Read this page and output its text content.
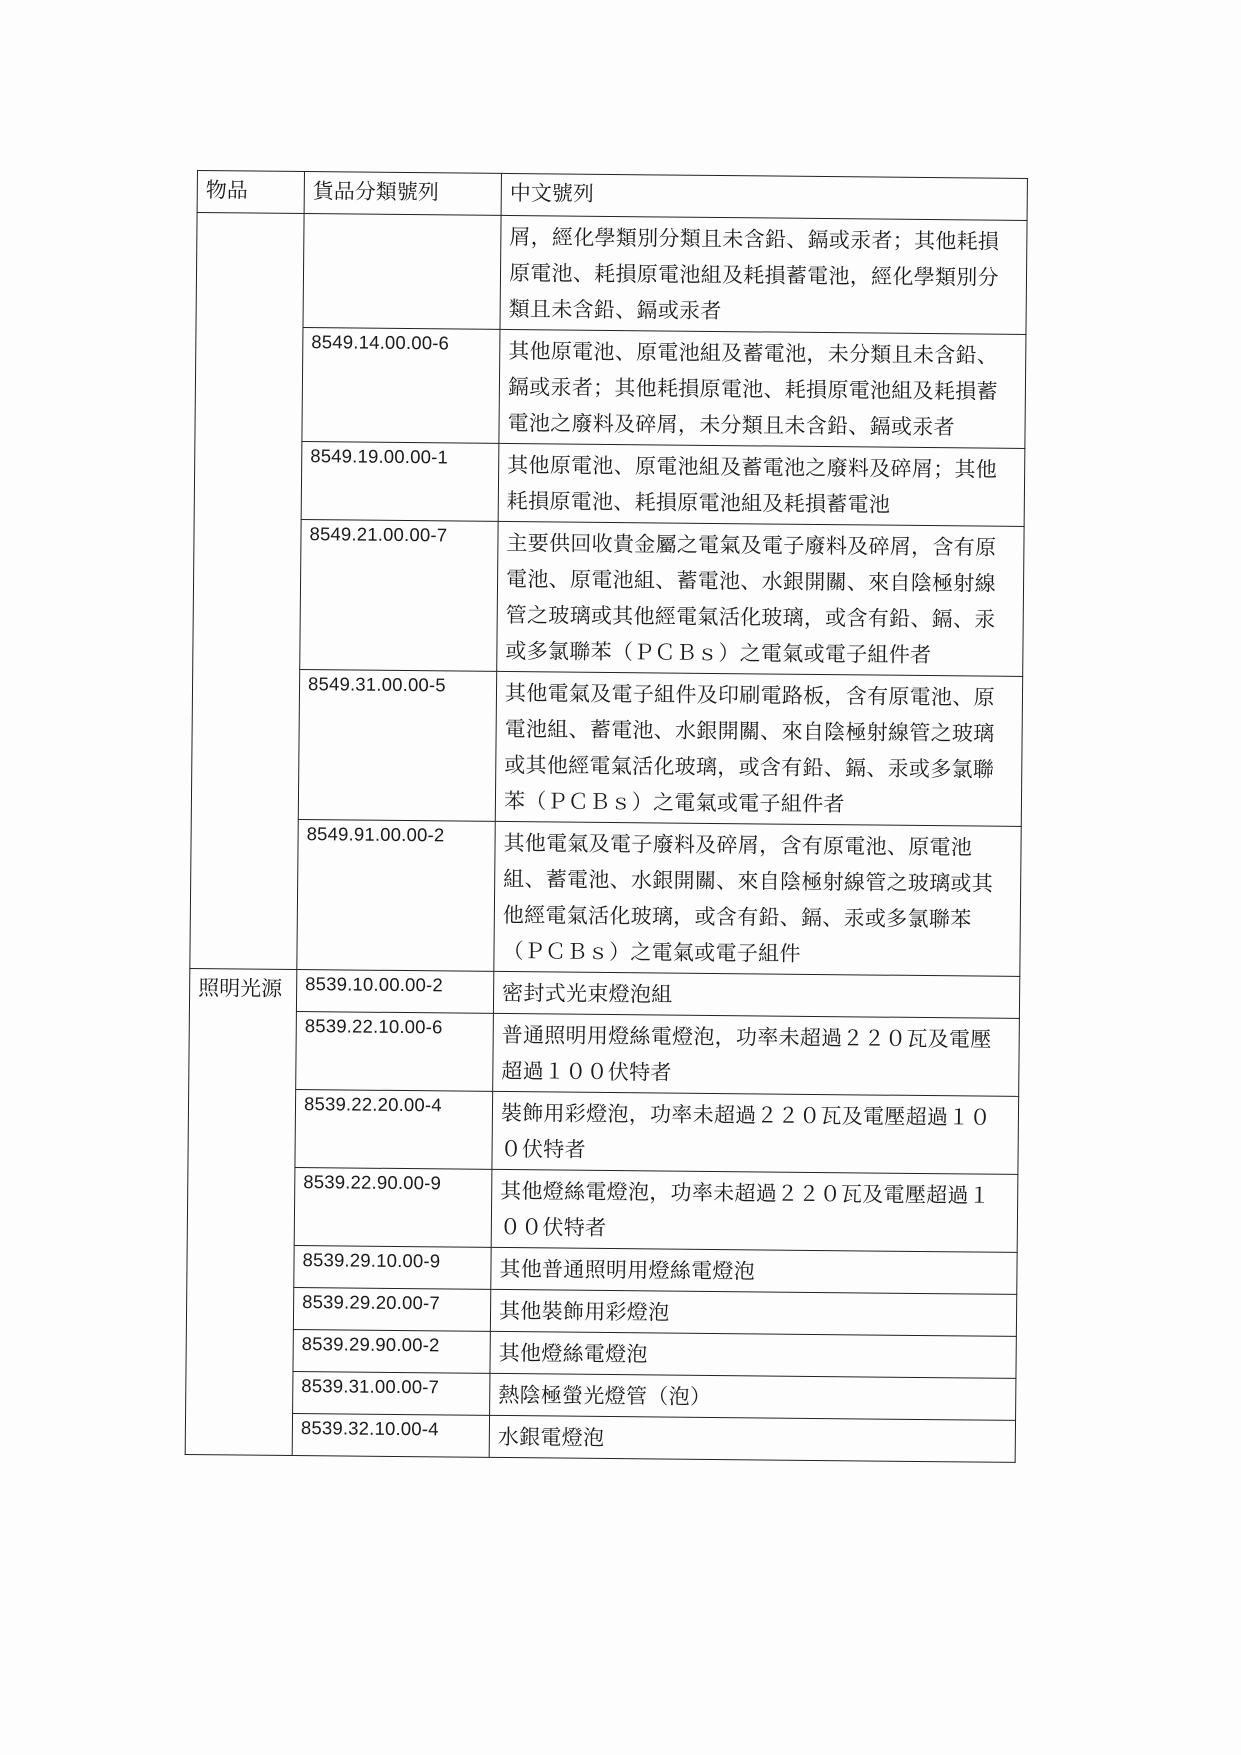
物品	貨品分類號列	中文號列
		屑，經化學類別分類且未含鉛、鎘或汞者；其他耗損原電池、耗損原電池組及耗損蓄電池，經化學類別分類且未含鉛、鎘或汞者
	8549.14.00.00-6	其他原電池、原電池組及蓄電池，未分類且未含鉛、鎘或汞者；其他耗損原電池、耗損原電池組及耗損蓄電池之廢料及碎屑，未分類且未含鉛、鎘或汞者
	8549.19.00.00-1	其他原電池、原電池組及蓄電池之廢料及碎屑；其他耗損原電池、耗損原電池組及耗損蓄電池
	8549.21.00.00-7	主要供回收貴金屬之電氣及電子廢料及碎屑，含有原電池、原電池組、蓄電池、水銀開關、來自陰極射線管之玻璃或其他經電氣活化玻璃，或含有鉛、鎘、汞或多氯聯苯（ＰＣＢｓ）之電氣或電子組件者
	8549.31.00.00-5	其他電氣及電子組件及印刷電路板，含有原電池、原電池組、蓄電池、水銀開關、來自陰極射線管之玻璃或其他經電氣活化玻璃，或含有鉛、鎘、汞或多氯聯苯（ＰＣＢｓ）之電氣或電子組件者
	8549.91.00.00-2	其他電氣及電子廢料及碎屑，含有原電池、原電池組、蓄電池、水銀開關、來自陰極射線管之玻璃或其他經電氣活化玻璃，或含有鉛、鎘、汞或多氯聯苯（ＰＣＢｓ）之電氣或電子組件
照明光源	8539.10.00.00-2	密封式光束燈泡組
	8539.22.10.00-6	普通照明用燈絲電燈泡，功率未超過２２０瓦及電壓超過１００伏特者
	8539.22.20.00-4	裝飾用彩燈泡，功率未超過２２０瓦及電壓超過１００伏特者
	8539.22.90.00-9	其他燈絲電燈泡，功率未超過２２０瓦及電壓超過１００伏特者
	8539.29.10.00-9	其他普通照明用燈絲電燈泡
	8539.29.20.00-7	其他裝飾用彩燈泡
	8539.29.90.00-2	其他燈絲電燈泡
	8539.31.00.00-7	熱陰極螢光燈管（泡）
	8539.32.10.00-4	水銀電燈泡
